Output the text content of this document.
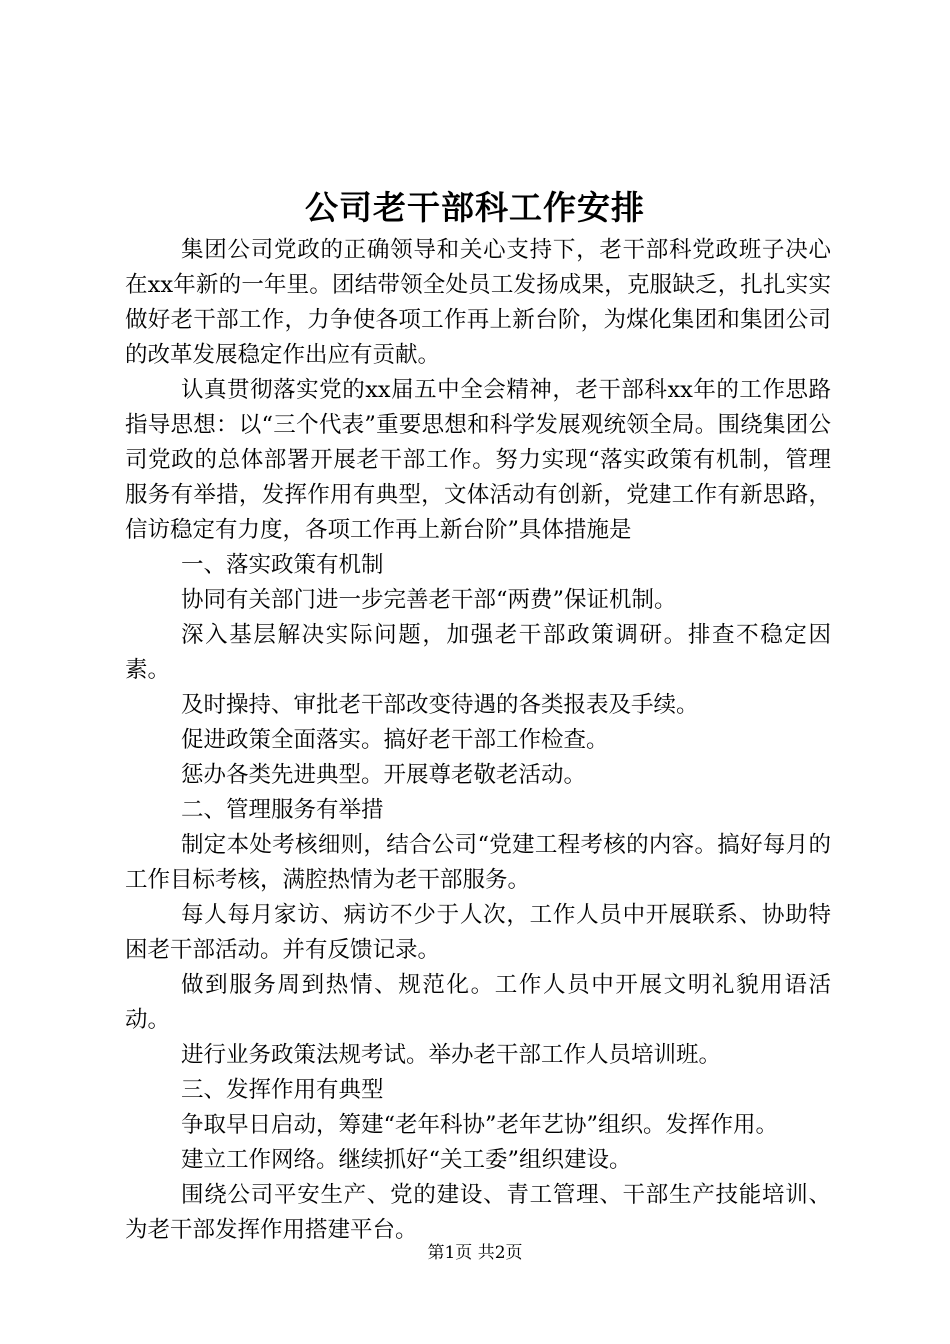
公司老干部科工作安排

集团公司党政的正确领导和关心支持下，老干部科党政班子决心在xx年新的一年里。团结带领全处员工发扬成果，克服缺乏，扎扎实实做好老干部工作，力争使各项工作再上新台阶，为煤化集团和集团公司的改革发展稳定作出应有贡献。

认真贯彻落实党的xx届五中全会精神，老干部科xx年的工作思路指导思想：以“三个代表”重要思想和科学发展观统领全局。围绕集团公司党政的总体部署开展老干部工作。努力实现“落实政策有机制，管理服务有举措，发挥作用有典型，文体活动有创新，党建工作有新思路，信访稳定有力度，各项工作再上新台阶”具体措施是

一、落实政策有机制

协同有关部门进一步完善老干部“两费”保证机制。

深入基层解决实际问题，加强老干部政策调研。排查不稳定因素。

及时操持、审批老干部改变待遇的各类报表及手续。

促进政策全面落实。搞好老干部工作检查。

惩办各类先进典型。开展尊老敬老活动。

二、管理服务有举措

制定本处考核细则，结合公司“党建工程考核的内容。搞好每月的工作目标考核，满腔热情为老干部服务。

每人每月家访、病访不少于人次，工作人员中开展联系、协助特困老干部活动。并有反馈记录。

做到服务周到热情、规范化。工作人员中开展文明礼貌用语活动。

进行业务政策法规考试。举办老干部工作人员培训班。

三、发挥作用有典型

争取早日启动，筹建“老年科协”老年艺协”组织。发挥作用。

建立工作网络。继续抓好“关工委”组织建设。

围绕公司平安生产、党的建设、青工管理、干部生产技能培训、为老干部发挥作用搭建平台。

第1页 共2页
